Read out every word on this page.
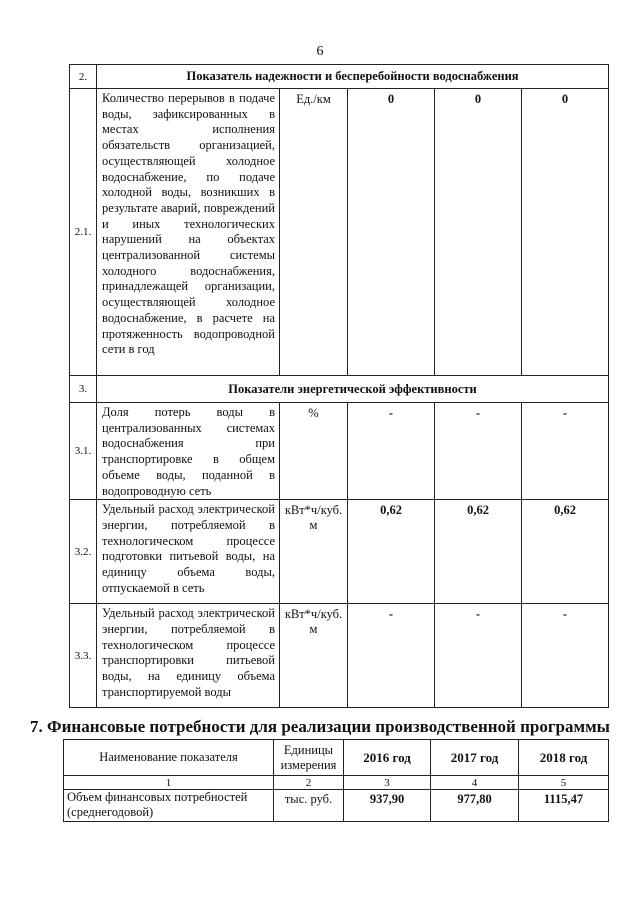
6
2.	Показатель надежности и бесперебойности водоснабжения				
2.1.	Количество перерывов в подаче воды, зафиксированных в местах исполнения обязательств организацией, осуществляющей холодное водоснабжение, по подаче холодной воды, возникших в результате аварий, повреждений и иных технологических нарушений на объектах централизованной системы холодного водоснабжения, принадлежащей организации, осуществляющей холодное водоснабжение, в расчете на протяженность водопроводной сети в год	Ед./км	0	0	0
3.	Показатели энергетической эффективности				
3.1.	Доля потерь воды в централизованных системах водоснабжения при транспортировке в общем объеме воды, поданной в водопроводную сеть	%	-	-	-
3.2.	Удельный расход электрической энергии, потребляемой в технологическом процессе подготовки питьевой воды, на единицу объема воды, отпускаемой в сеть	кВт*ч/куб. м	0,62	0,62	0,62
3.3.	Удельный расход электрической энергии, потребляемой в технологическом процессе транспортировки питьевой воды, на единицу объема транспортируемой воды	кВт*ч/куб. м	-	-	-
7. Финансовые потребности для реализации производственной программы
Наименование показателя	Единицы измерения	2016 год	2017 год	2018 год
1	2	3	4	5
Объем финансовых потребностей (среднегодовой)	тыс. руб.	937,90	977,80	1115,47
